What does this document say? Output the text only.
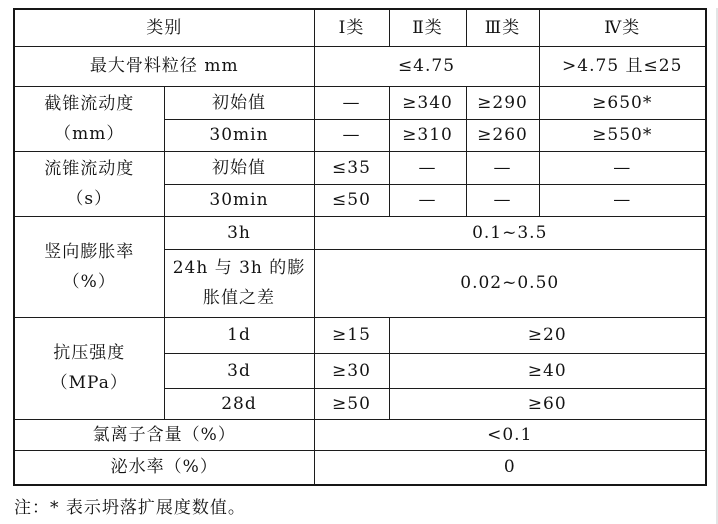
类别		Ⅰ类	Ⅱ类	Ⅲ类	Ⅳ类
最大骨料粒径 mm		≤4.75			>4.75 且≤25
截锥流动度
（mm）	初始值	—	≥340	≥290	≥650*
	30min	—	≥310	≥260	≥550*
流锥流动度
（s）	初始值	≤35	—	—	—
	30min	≤50	—	—	—
竖向膨胀率
（%）	3h	0.1~3.5			
	24h 与 3h 的膨
胀值之差	0.02~0.50			
抗压强度
（MPa）	1d	≥15	≥20		
	3d	≥30	≥40		
	28d	≥50	≥60		
氯离子含量（%）		<0.1			
泌水率（%）		0			
注：* 表示坍落扩展度数值。
